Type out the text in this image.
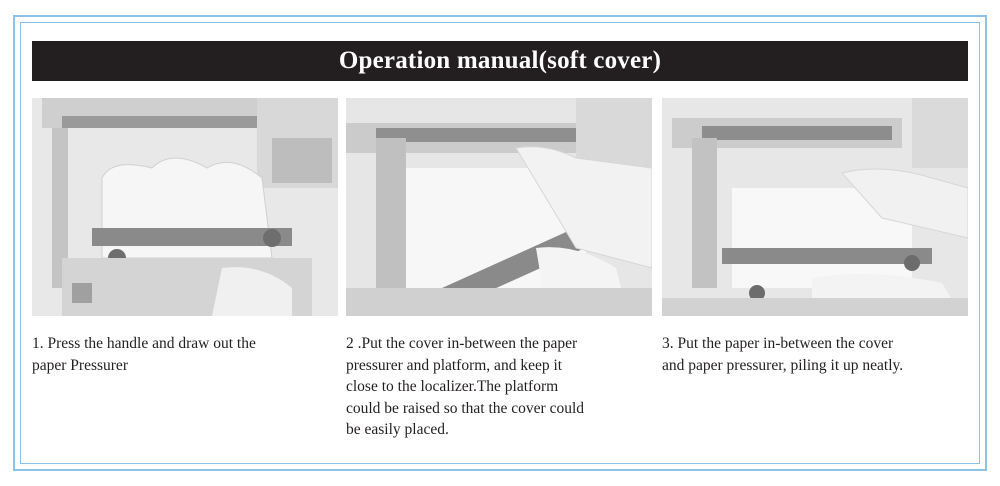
Operation manual(soft cover)
1. Press the handle and draw out the
paper Pressurer
2 .Put the cover in-between the paper
pressurer and platform, and keep it
close to the localizer.The platform
could be raised so that the cover could
be easily placed.
3. Put the paper in-between the cover
and paper pressurer, piling it up neatly.
